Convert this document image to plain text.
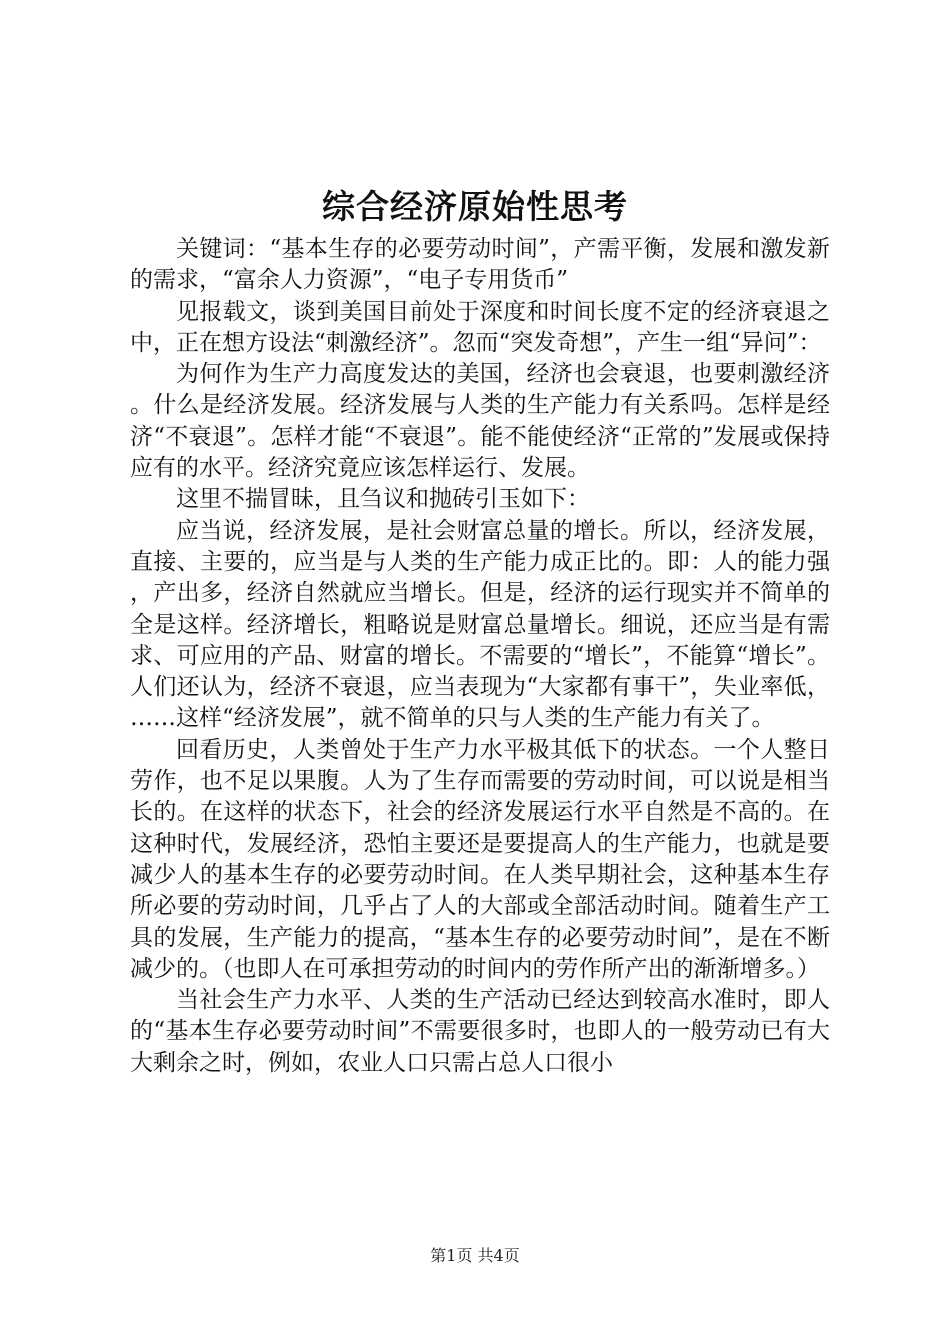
综合经济原始性思考

关键词：“基本生存的必要劳动时间”，产需平衡，发展和激发新的需求，“富余人力资源”，“电子专用货币”

见报载文，谈到美国目前处于深度和时间长度不定的经济衰退之中，正在想方设法“刺激经济”。忽而“突发奇想”，产生一组“异问”：

为何作为生产力高度发达的美国，经济也会衰退，也要刺激经济。什么是经济发展。经济发展与人类的生产能力有关系吗。怎样是经济“不衰退”。怎样才能“不衰退”。能不能使经济“正常的”发展或保持应有的水平。经济究竟应该怎样运行、发展。

这里不揣冒昧，且刍议和抛砖引玉如下：

应当说，经济发展，是社会财富总量的增长。所以，经济发展，直接、主要的，应当是与人类的生产能力成正比的。即：人的能力强，产出多，经济自然就应当增长。但是，经济的运行现实并不简单的全是这样。经济增长，粗略说是财富总量增长。细说，还应当是有需求、可应用的产品、财富的增长。不需要的“增长”，不能算“增长”。人们还认为，经济不衰退，应当表现为“大家都有事干”，失业率低，……这样“经济发展”，就不简单的只与人类的生产能力有关了。

回看历史，人类曾处于生产力水平极其低下的状态。一个人整日劳作，也不足以果腹。人为了生存而需要的劳动时间，可以说是相当长的。在这样的状态下，社会的经济发展运行水平自然是不高的。在这种时代，发展经济，恐怕主要还是要提高人的生产能力，也就是要减少人的基本生存的必要劳动时间。在人类早期社会，这种基本生存所必要的劳动时间，几乎占了人的大部或全部活动时间。随着生产工具的发展，生产能力的提高，“基本生存的必要劳动时间”，是在不断减少的。（也即人在可承担劳动的时间内的劳作所产出的渐渐增多。）

当社会生产力水平、人类的生产活动已经达到较高水准时，即人的“基本生存必要劳动时间”不需要很多时，也即人的一般劳动已有大大剩余之时，例如，农业人口只需占总人口很小

第1页 共4页
